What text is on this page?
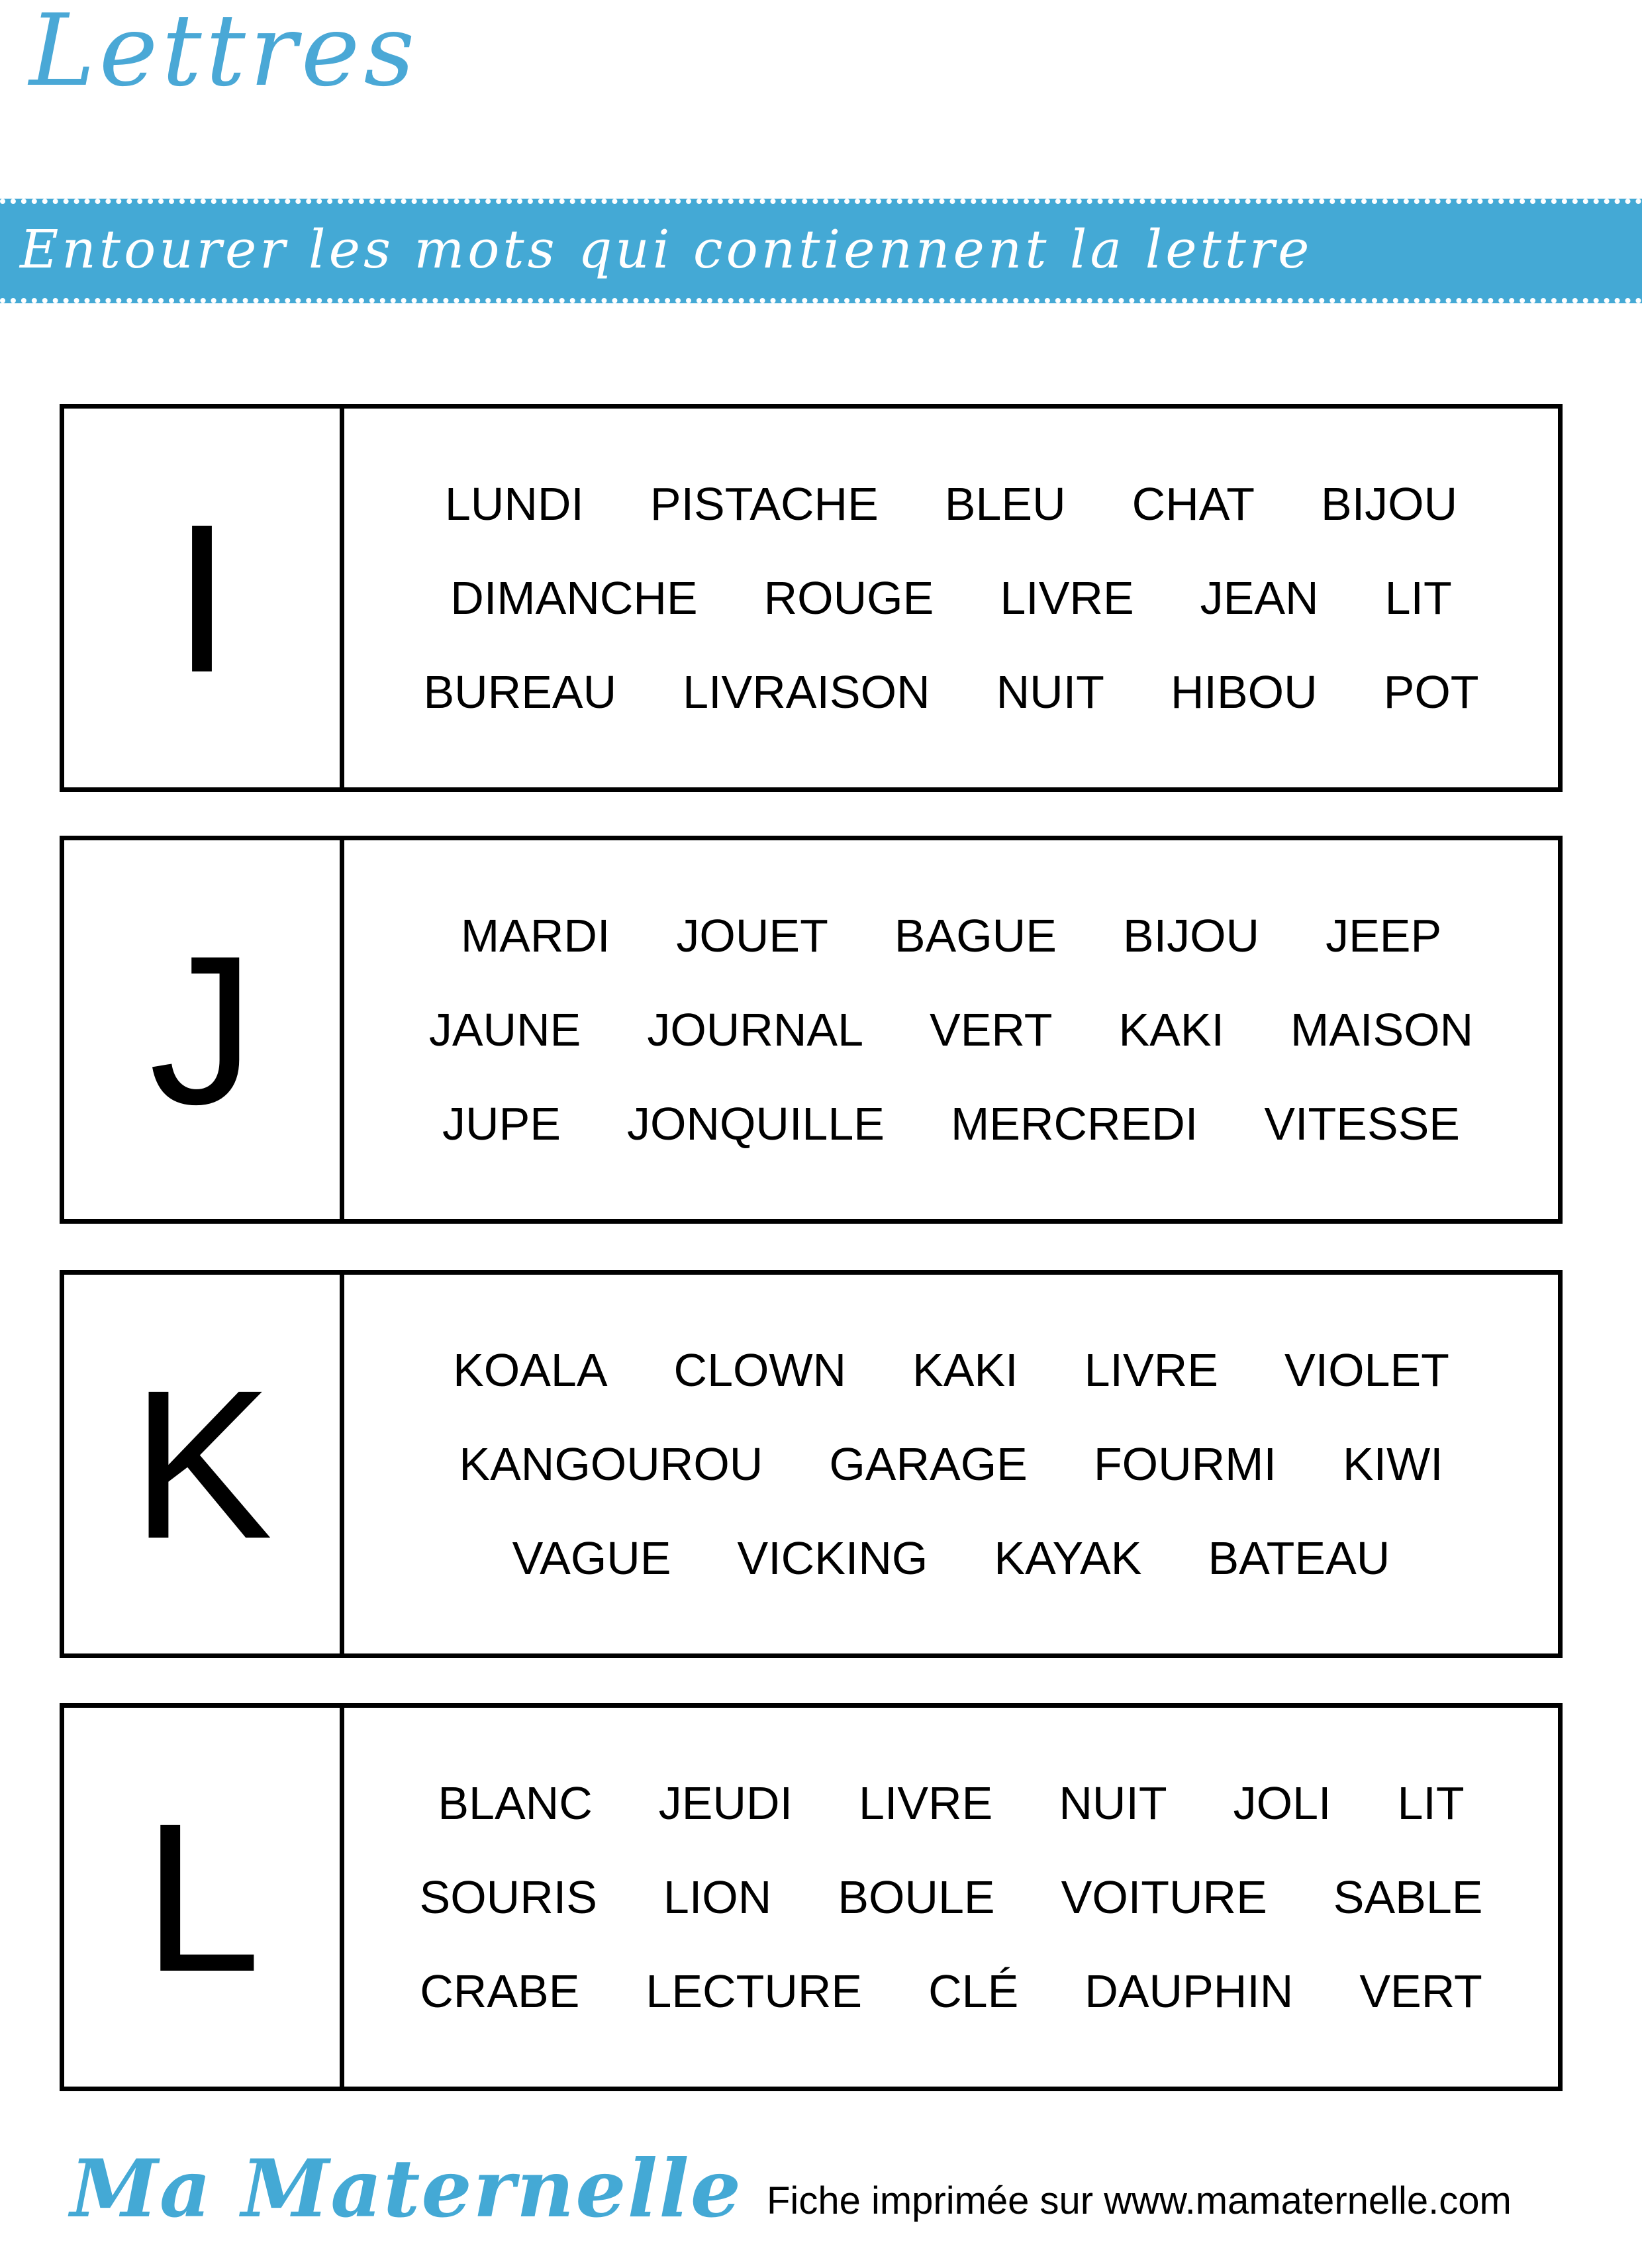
Lettres
Entourer les mots qui contiennent la lettre
I	LUNDI PISTACHE BLEU CHAT BIJOU
DIMANCHE ROUGE LIVRE JEAN LIT
BUREAU LIVRAISON NUIT HIBOU POT
J	MARDI JOUET BAGUE BIJOU JEEP
JAUNE JOURNAL VERT KAKI MAISON
JUPE JONQUILLE MERCREDI VITESSE
K	KOALA CLOWN KAKI LIVRE VIOLET
KANGOUROU GARAGE FOURMI KIWI
VAGUE VICKING KAYAK BATEAU
L	BLANC JEUDI LIVRE NUIT JOLI LIT
SOURIS LION BOULE VOITURE SABLE
CRABE LECTURE CLÉ DAUPHIN VERT
Ma Maternelle Fiche imprimée sur www.mamaternelle.com
